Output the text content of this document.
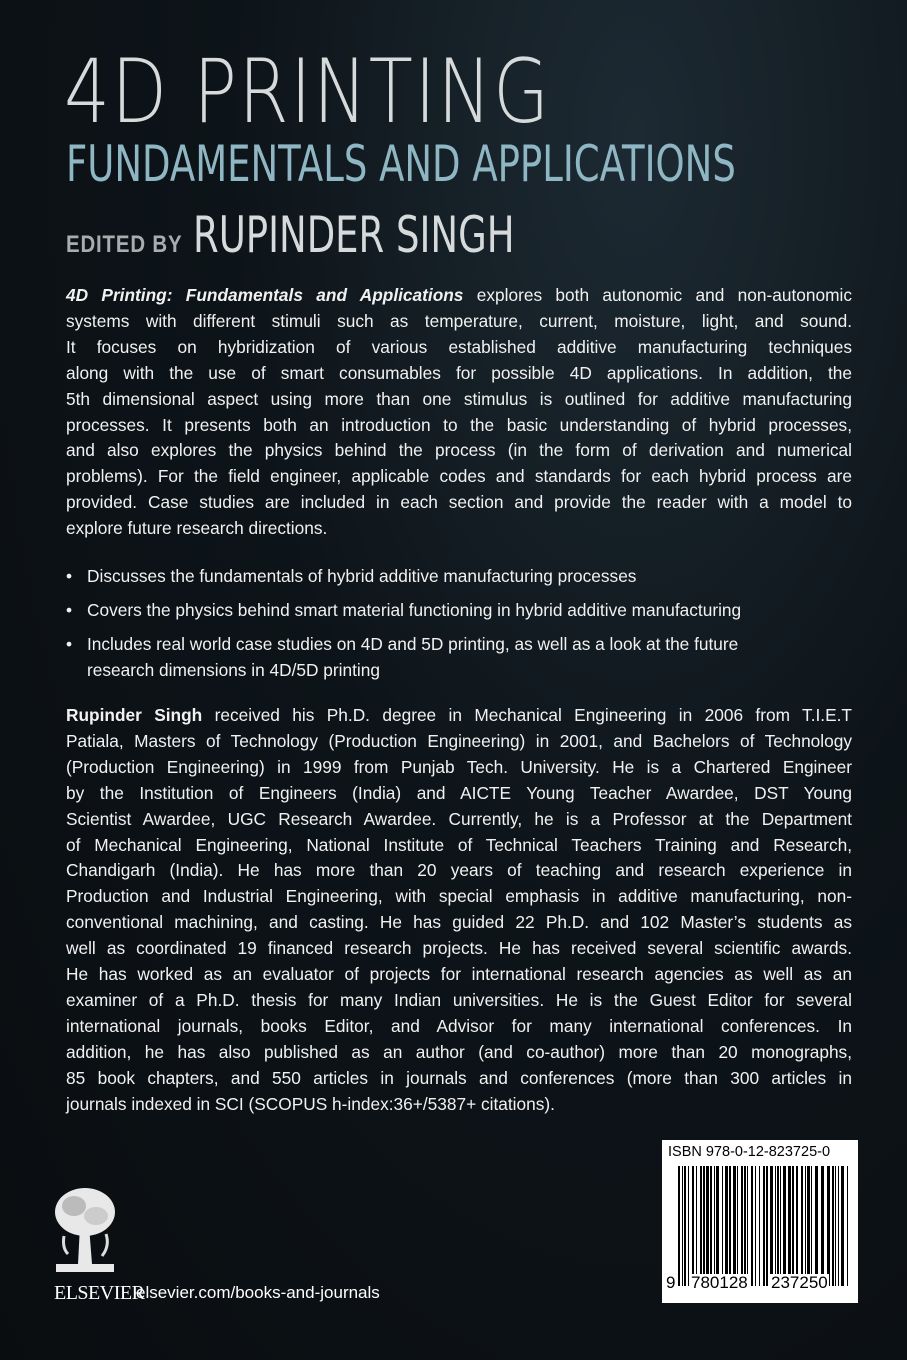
4D PRINTING
FUNDAMENTALS AND APPLICATIONS
EDITED BY RUPINDER SINGH
4D Printing: Fundamentals and Applications explores both autonomic and non-autonomic
systems with different stimuli such as temperature, current, moisture, light, and sound.
It focuses on hybridization of various established additive manufacturing techniques
along with the use of smart consumables for possible 4D applications. In addition, the
5th dimensional aspect using more than one stimulus is outlined for additive manufacturing
processes. It presents both an introduction to the basic understanding of hybrid processes,
and also explores the physics behind the process (in the form of derivation and numerical
problems). For the field engineer, applicable codes and standards for each hybrid process are
provided. Case studies are included in each section and provide the reader with a model to
explore future research directions.
• Discusses the fundamentals of hybrid additive manufacturing processes
• Covers the physics behind smart material functioning in hybrid additive manufacturing
• Includes real world case studies on 4D and 5D printing, as well as a look at the future research dimensions in 4D/5D printing
Rupinder Singh received his Ph.D. degree in Mechanical Engineering in 2006 from T.I.E.T
Patiala, Masters of Technology (Production Engineering) in 2001, and Bachelors of Technology
(Production Engineering) in 1999 from Punjab Tech. University. He is a Chartered Engineer
by the Institution of Engineers (India) and AICTE Young Teacher Awardee, DST Young
Scientist Awardee, UGC Research Awardee. Currently, he is a Professor at the Department
of Mechanical Engineering, National Institute of Technical Teachers Training and Research,
Chandigarh (India). He has more than 20 years of teaching and research experience in
Production and Industrial Engineering, with special emphasis in additive manufacturing, non-
conventional machining, and casting. He has guided 22 Ph.D. and 102 Master’s students as
well as coordinated 19 financed research projects. He has received several scientific awards.
He has worked as an evaluator of projects for international research agencies as well as an
examiner of a Ph.D. thesis for many Indian universities. He is the Guest Editor for several
international journals, books Editor, and Advisor for many international conferences. In
addition, he has also published as an author (and co-author) more than 20 monographs,
85 book chapters, and 550 articles in journals and conferences (more than 300 articles in
journals indexed in SCI (SCOPUS h-index:36+/5387+ citations).
ELSEVIER
elsevier.com/books-and-journals
ISBN 978-0-12-823725-0
9 780128 237250
